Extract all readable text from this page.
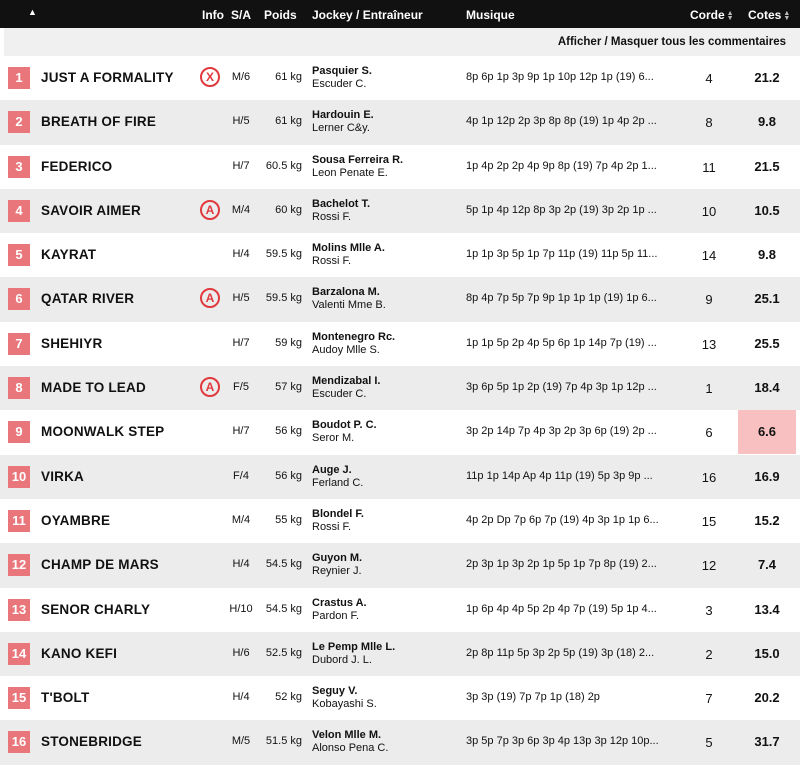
▲	Info S/A Poids Jockey / Entraîneur	Musique	Corde ▲
▼ Cotes ▲
▼
Afficher / Masquer tous les commentaires
1	JUST A FORMALITY	X	M/6	61 kg Pasquier S.
Escuder C.
8p 6p 1p 3p 9p 1p 10p 12p 1p (19) 6...	4	21.2
2	BREATH OF FIRE	H/5	61 kg Hardouin E.
Lerner C&y.
4p 1p 12p 2p 3p 8p 8p (19) 1p 4p 2p ...	8	9.8
3	FEDERICO	H/7	60.5 kg Sousa Ferreira R.
Leon Penate E.
1p 4p 2p 2p 4p 9p 8p (19) 7p 4p 2p 1...	11	21.5
4	SAVOIR AIMER	A	M/4	60 kg Bachelot T.
Rossi F.
5p 1p 4p 12p 8p 3p 2p (19) 3p 2p 1p ...	10	10.5
5	KAYRAT	H/4	59.5 kg Molins Mlle A.
Rossi F.
1p 1p 3p 5p 1p 7p 11p (19) 11p 5p 11...	14	9.8
6	QATAR RIVER	A	H/5	59.5 kg Barzalona M.
Valenti Mme B.
8p 4p 7p 5p 7p 9p 1p 1p 1p (19) 1p 6...	9	25.1
7	SHEHIYR	H/7	59 kg Montenegro Rc.
Audoy Mlle S.
1p 1p 5p 2p 4p 5p 6p 1p 14p 7p (19) ...	13	25.5
8	MADE TO LEAD	A	F/5	57 kg Mendizabal I.
Escuder C.
3p 6p 5p 1p 2p (19) 7p 4p 3p 1p 12p ...	1	18.4
9	MOONWALK STEP	H/7	56 kg Boudot P. C.
Seror M.
3p 2p 14p 7p 4p 3p 2p 3p 6p (19) 2p ...	6	6.6
10 VIRKA	F/4	56 kg Auge J.
Ferland C.
11p 1p 14p Ap 4p 11p (19) 5p 3p 9p ...	16	16.9
11	OYAMBRE	M/4	55 kg Blondel F.
Rossi F.
4p 2p Dp 7p 6p 7p (19) 4p 3p 1p 1p 6...	15	15.2
12 CHAMP DE MARS	H/4	54.5 kg Guyon M.
Reynier J.
2p 3p 1p 3p 2p 1p 5p 1p 7p 8p (19) 2...	12	7.4
13 SENOR CHARLY	H/10	54.5 kg Crastus A.
Pardon F.
1p 6p 4p 4p 5p 2p 4p 7p (19) 5p 1p 4...	3	13.4
14 KANO KEFI	H/6	52.5 kg Le Pemp Mlle L.
Dubord J. L.
2p 8p 11p 5p 3p 2p 5p (19) 3p (18) 2...	2	15.0
15 T'BOLT	H/4	52 kg Seguy V.
Kobayashi S.
3p 3p (19) 7p 7p 1p (18) 2p	7	20.2
16 STONEBRIDGE	M/5	51.5 kg Velon Mlle M.
Alonso Pena C.
3p 5p 7p 3p 6p 3p 4p 13p 3p 12p 10p...	5	31.7
